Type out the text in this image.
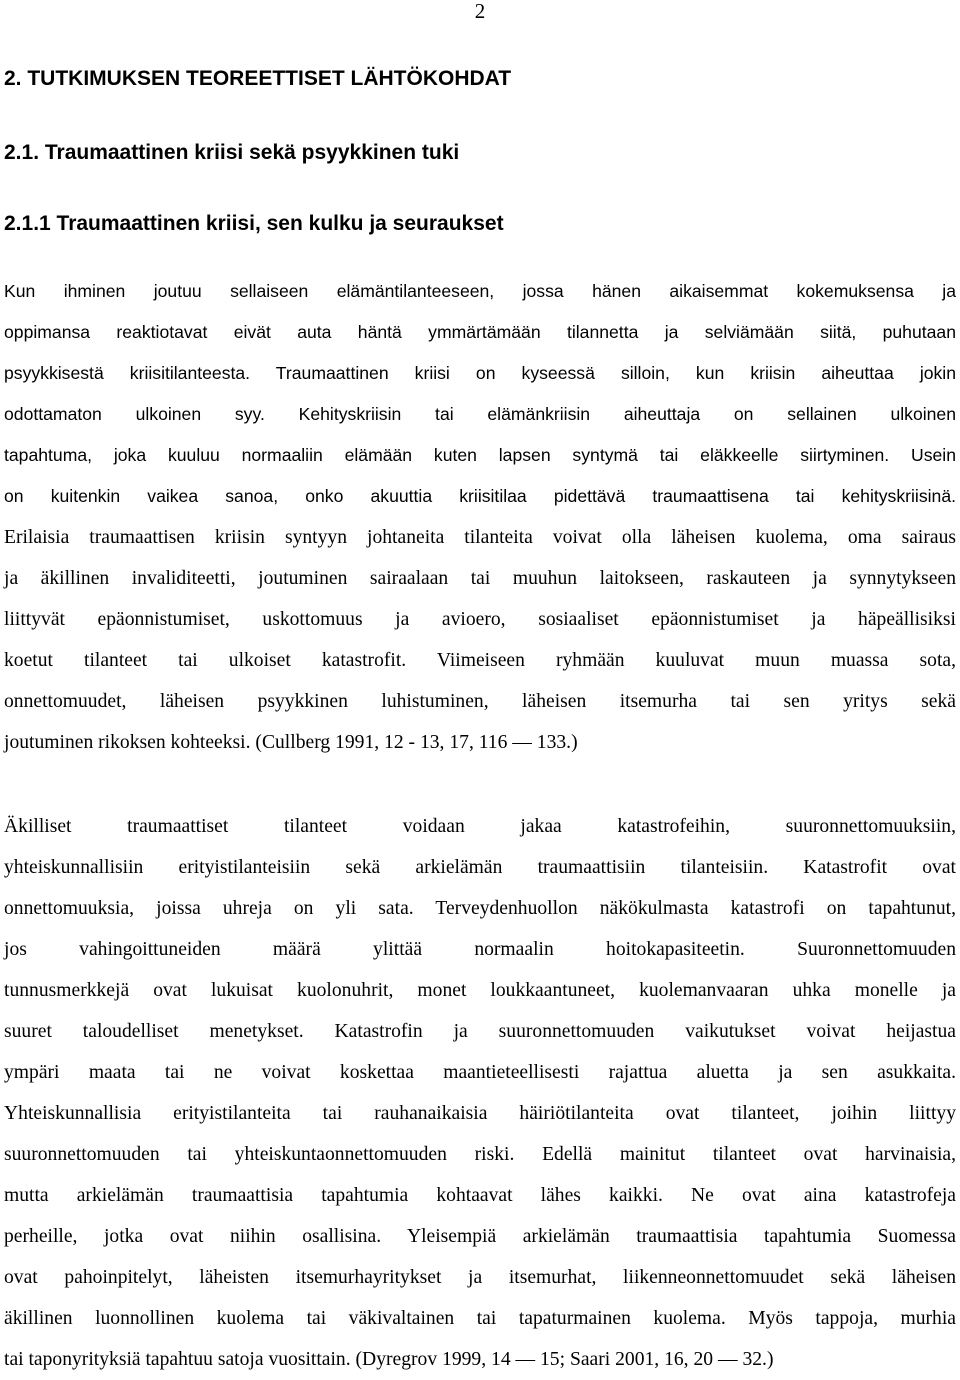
2
2. TUTKIMUKSEN TEOREETTISET LÄHTÖKOHDAT
2.1. Traumaattinen kriisi sekä psyykkinen tuki
2.1.1 Traumaattinen kriisi, sen kulku ja seuraukset
Kun ihminen joutuu sellaiseen elämäntilanteeseen, jossa hänen aikaisemmat kokemuksensa ja
oppimansa reaktiotavat eivät auta häntä ymmärtämään tilannetta ja selviämään siitä, puhutaan
psyykkisestä kriisitilanteesta. Traumaattinen kriisi on kyseessä silloin, kun kriisin aiheuttaa jokin
odottamaton ulkoinen syy. Kehityskriisin tai elämänkriisin aiheuttaja on sellainen ulkoinen
tapahtuma, joka kuuluu normaaliin elämään kuten lapsen syntymä tai eläkkeelle siirtyminen. Usein
on kuitenkin vaikea sanoa, onko akuuttia kriisitilaa pidettävä traumaattisena tai kehityskriisinä.
Erilaisia traumaattisen kriisin syntyyn johtaneita tilanteita voivat olla läheisen kuolema, oma sairaus
ja äkillinen invaliditeetti, joutuminen sairaalaan tai muuhun laitokseen, raskauteen ja synnytykseen
liittyvät epäonnistumiset, uskottomuus ja avioero, sosiaaliset epäonnistumiset ja häpeällisiksi
koetut tilanteet tai ulkoiset katastrofit. Viimeiseen ryhmään kuuluvat muun muassa sota,
onnettomuudet, läheisen psyykkinen luhistuminen, läheisen itsemurha tai sen yritys sekä
joutuminen rikoksen kohteeksi. (Cullberg 1991, 12 - 13, 17, 116 — 133.)
Äkilliset traumaattiset tilanteet voidaan jakaa katastrofeihin, suuronnettomuuksiin,
yhteiskunnallisiin erityistilanteisiin sekä arkielämän traumaattisiin tilanteisiin. Katastrofit ovat
onnettomuuksia, joissa uhreja on yli sata. Terveydenhuollon näkökulmasta katastrofi on tapahtunut,
jos vahingoittuneiden määrä ylittää normaalin hoitokapasiteetin. Suuronnettomuuden
tunnusmerkkejä ovat lukuisat kuolonuhrit, monet loukkaantuneet, kuolemanvaaran uhka monelle ja
suuret taloudelliset menetykset. Katastrofin ja suuronnettomuuden vaikutukset voivat heijastua
ympäri maata tai ne voivat koskettaa maantieteellisesti rajattua aluetta ja sen asukkaita.
Yhteiskunnallisia erityistilanteita tai rauhanaikaisia häiriötilanteita ovat tilanteet, joihin liittyy
suuronnettomuuden tai yhteiskuntaonnettomuuden riski. Edellä mainitut tilanteet ovat harvinaisia,
mutta arkielämän traumaattisia tapahtumia kohtaavat lähes kaikki. Ne ovat aina katastrofeja
perheille, jotka ovat niihin osallisina. Yleisempiä arkielämän traumaattisia tapahtumia Suomessa
ovat pahoinpitelyt, läheisten itsemurhayritykset ja itsemurhat, liikenneonnettomuudet sekä läheisen
äkillinen luonnollinen kuolema tai väkivaltainen tai tapaturmainen kuolema. Myös tappoja, murhia
tai taponyrityksiä tapahtuu satoja vuosittain. (Dyregrov 1999, 14 — 15; Saari 2001, 16, 20 — 32.)
